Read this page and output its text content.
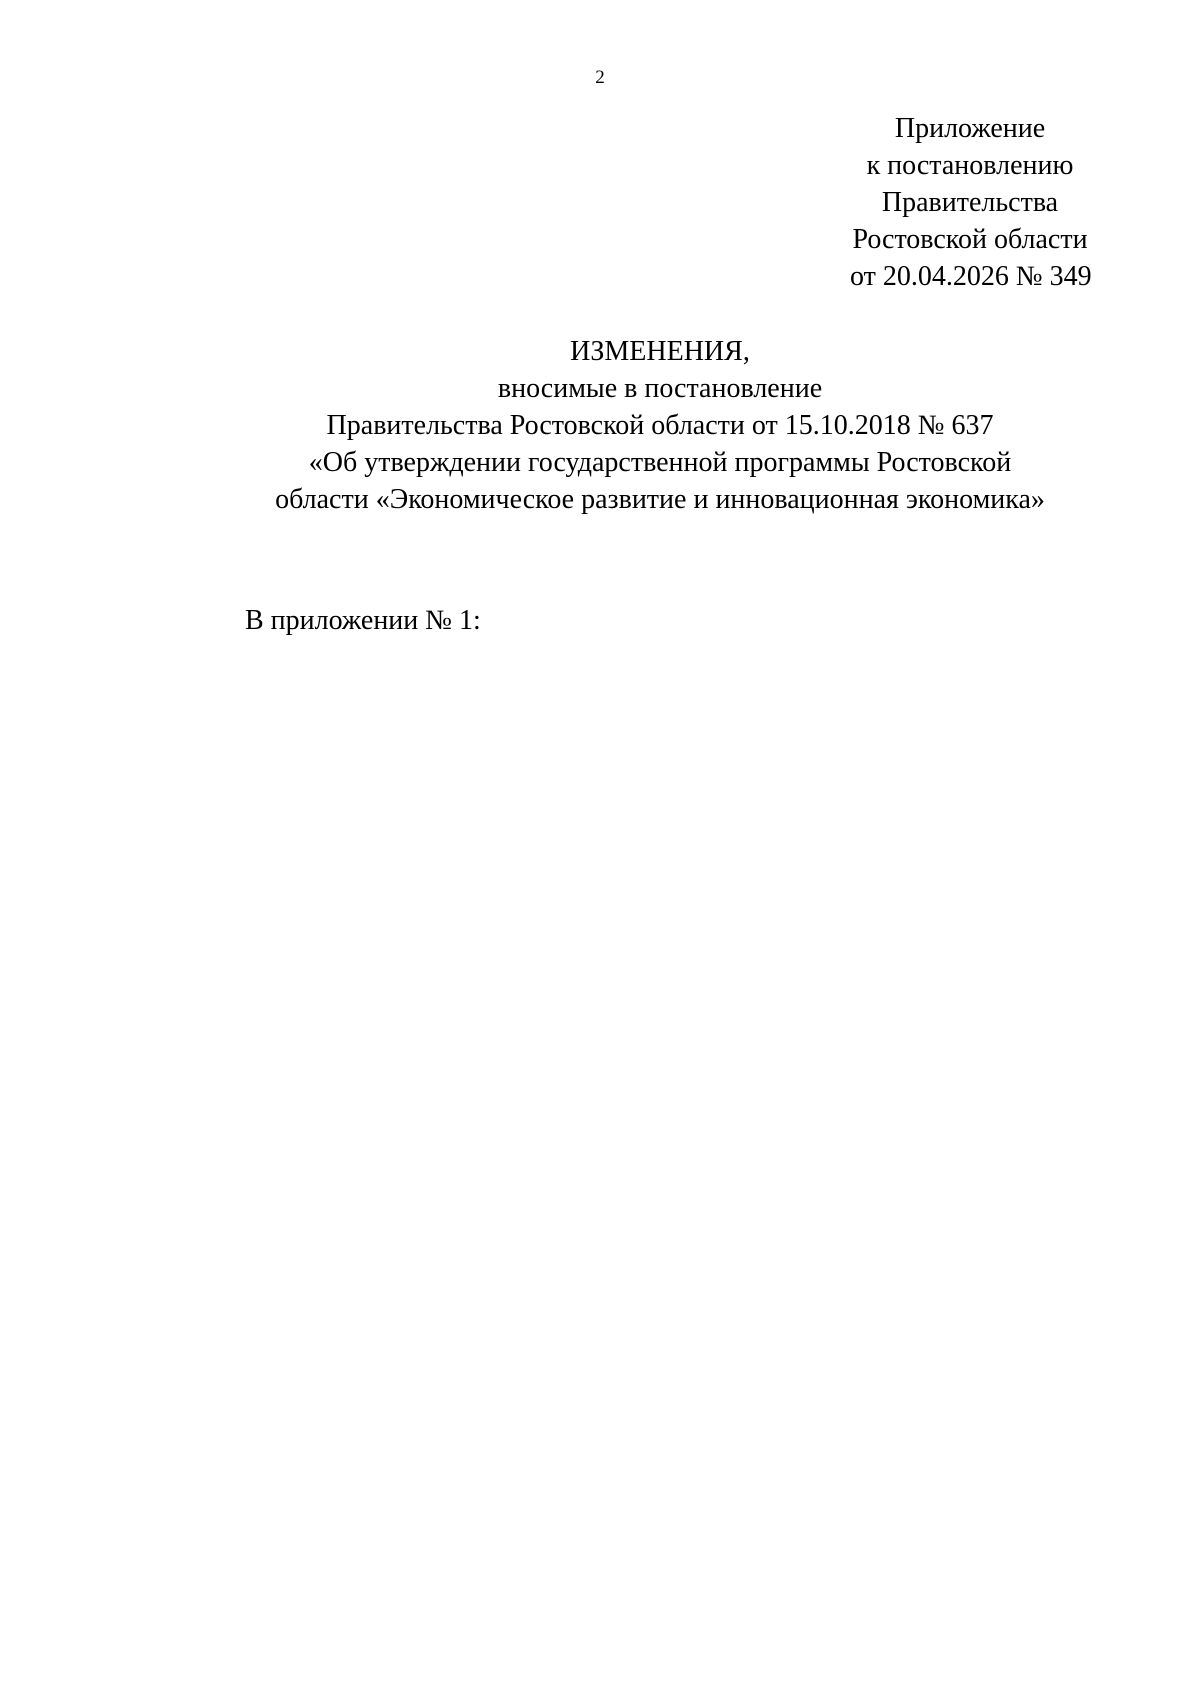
2
Приложение
к постановлению
Правительства
Ростовской области
от 20.04.2026 № 349
ИЗМЕНЕНИЯ,
вносимые в постановление
Правительства Ростовской области от 15.10.2018 № 637
«Об утверждении государственной программы Ростовской
области «Экономическое развитие и инновационная экономика»
В приложении № 1:
